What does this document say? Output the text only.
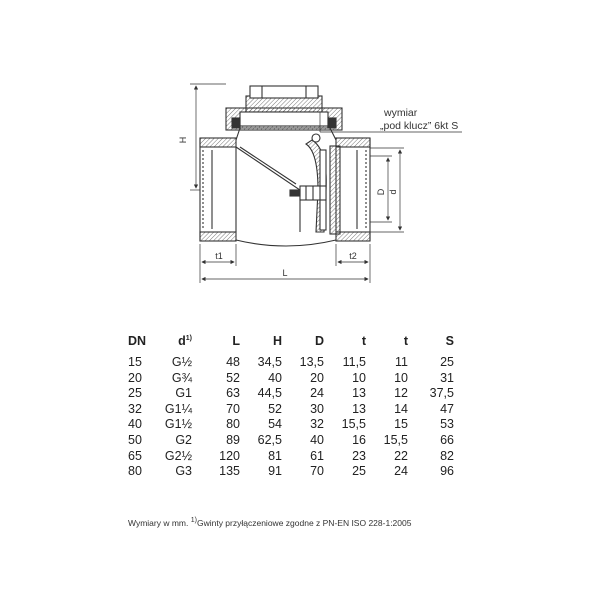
H
D d
L
t1	t2
wymiar
„pod klucz” 6kt S
DN	$d^{1)}$	L	H	D	t	t	S
15	G½	48	34,5	13,5	11,5	11	25
20	G¾	52	40	20	10	10	31
25	G1	63	44,5	24	13	12	37,5
32	G1¼	70	52	30	13	14	47
40	G1½	80	54	32	15,5	15	53
50	G2	89	62,5	40	16	15,5	66
65	G2½	120	81	61	23	22	82
80	G3	135	91	70	25	24	96
Wymiary w mm. $^{1)}$Gwinty przyłączeniowe zgodne z PN-EN ISO 228-1:2005
